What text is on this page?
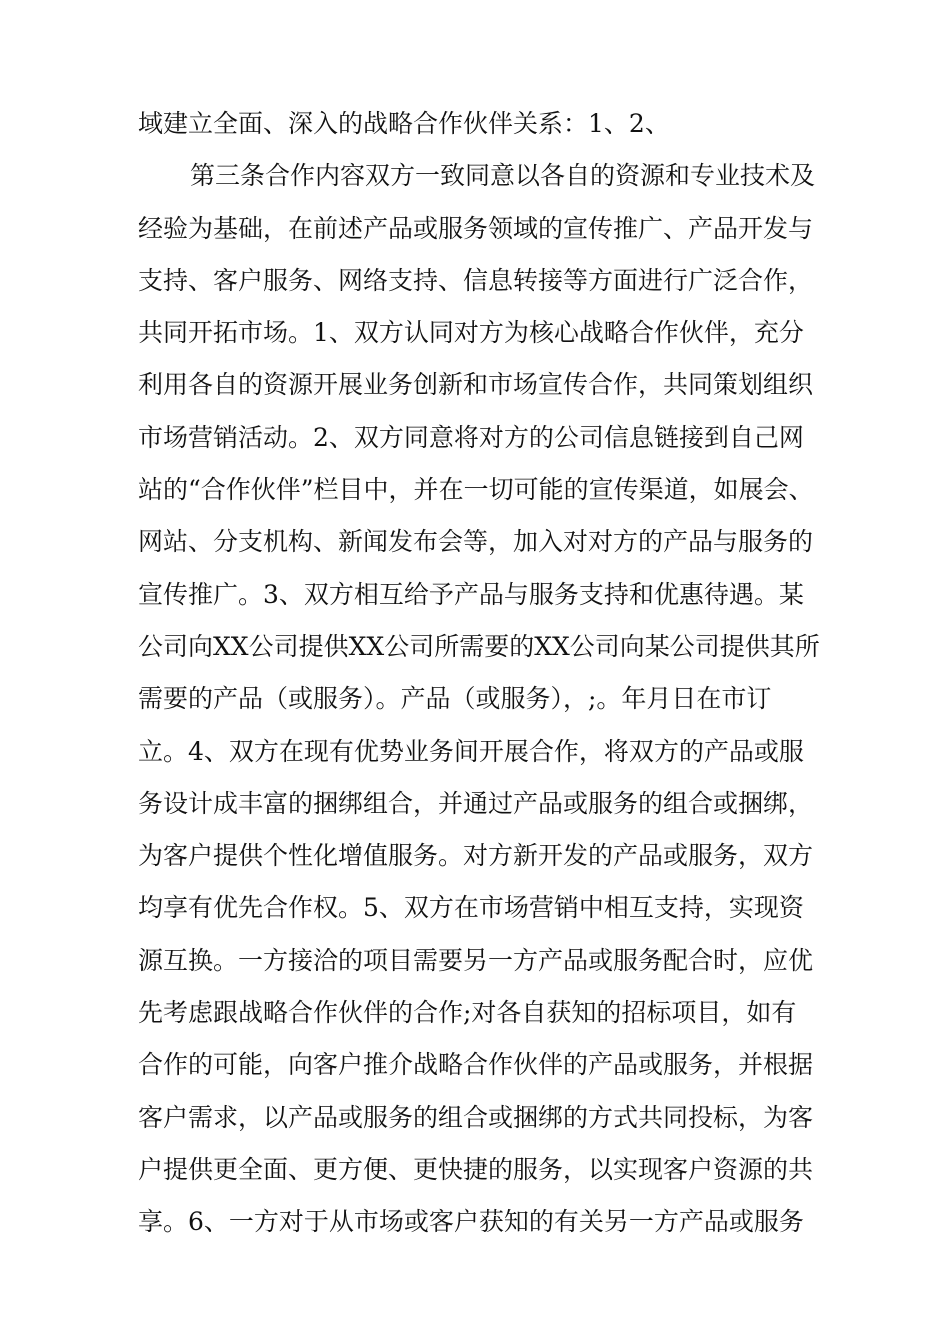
域建立全面、深入的战略合作伙伴关系：1、2、
第三条合作内容双方一致同意以各自的资源和专业技术及
经验为基础，在前述产品或服务领域的宣传推广、产品开发与
支持、客户服务、网络支持、信息转接等方面进行广泛合作，
共同开拓市场。1、双方认同对方为核心战略合作伙伴，充分
利用各自的资源开展业务创新和市场宣传合作，共同策划组织
市场营销活动。2、双方同意将对方的公司信息链接到自己网
站的“合作伙伴”栏目中，并在一切可能的宣传渠道，如展会、
网站、分支机构、新闻发布会等，加入对对方的产品与服务的
宣传推广。3、双方相互给予产品与服务支持和优惠待遇。某
公司向XX公司提供XX公司所需要的XX公司向某公司提供其所
需要的产品（或服务）。产品（或服务），;。年月日在市订
立。4、双方在现有优势业务间开展合作，将双方的产品或服
务设计成丰富的捆绑组合，并通过产品或服务的组合或捆绑，
为客户提供个性化增值服务。对方新开发的产品或服务，双方
均享有优先合作权。5、双方在市场营销中相互支持，实现资
源互换。一方接洽的项目需要另一方产品或服务配合时，应优
先考虑跟战略合作伙伴的合作;对各自获知的招标项目，如有
合作的可能，向客户推介战略合作伙伴的产品或服务，并根据
客户需求，以产品或服务的组合或捆绑的方式共同投标，为客
户提供更全面、更方便、更快捷的服务，以实现客户资源的共
享。6、一方对于从市场或客户获知的有关另一方产品或服务
